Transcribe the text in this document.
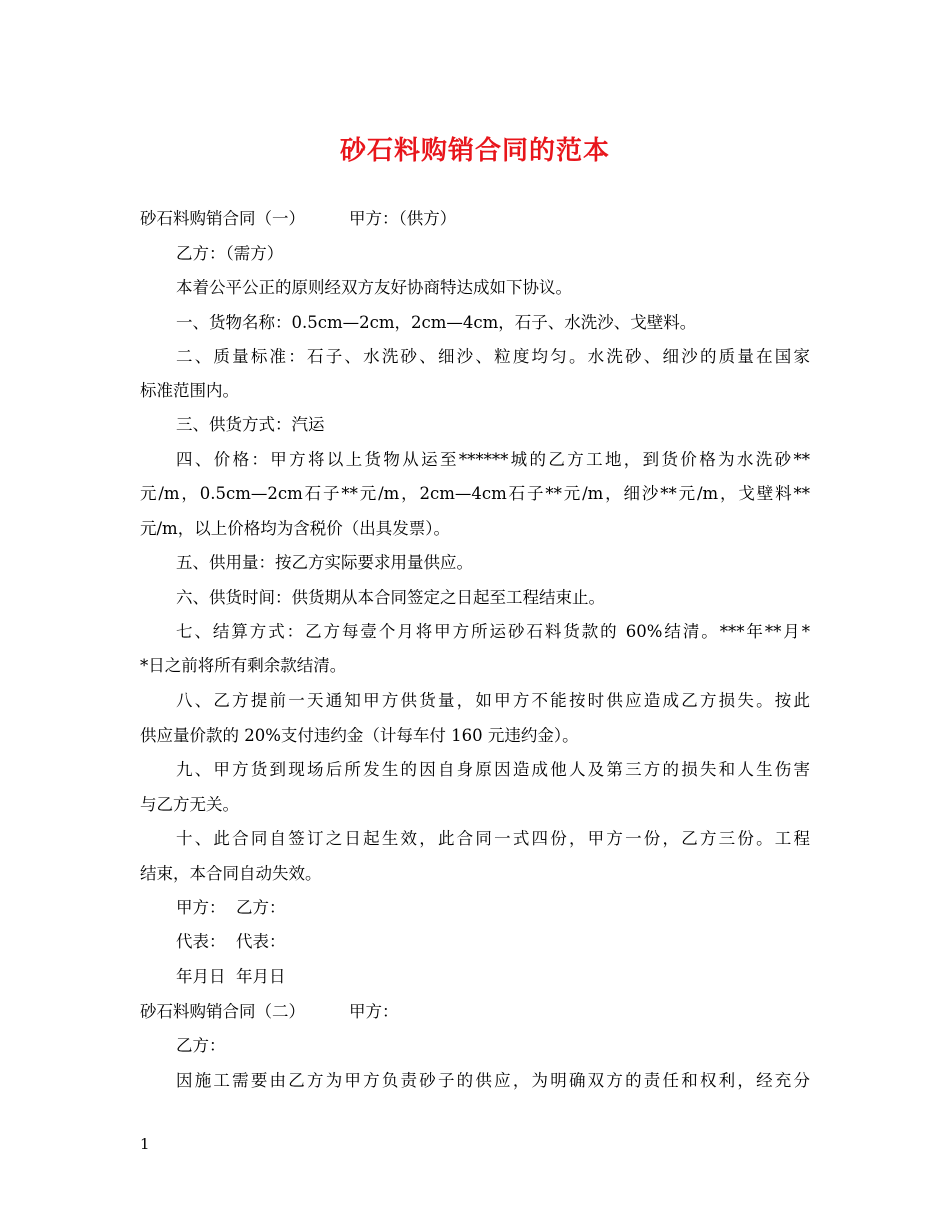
砂石料购销合同的范本
砂石料购销合同（一）	甲方：（供方）
乙方：（需方）
本着公平公正的原则经双方友好协商特达成如下协议。
一、货物名称：0.5cm—2cm，2cm—4cm，石子、水洗沙、戈壁料。
二、质量标准：石子、水洗砂、细沙、粒度均匀。水洗砂、细沙的质量在国家
标准范围内。
三、供货方式：汽运
四、价格：甲方将以上货物从运至******城的乙方工地，到货价格为水洗砂**
元/m，0.5cm—2cm石子**元/m，2cm—4cm石子**元/m，细沙**元/m，戈壁料**
元/m，以上价格均为含税价（出具发票）。
五、供用量：按乙方实际要求用量供应。
六、供货时间：供货期从本合同签定之日起至工程结束止。
七、结算方式：乙方每壹个月将甲方所运砂石料货款的 60%结清。***年**月*
*日之前将所有剩余款结清。
八、乙方提前一天通知甲方供货量，如甲方不能按时供应造成乙方损失。按此
供应量价款的 20%支付违约金（计每车付 160 元违约金）。
九、甲方货到现场后所发生的因自身原因造成他人及第三方的损失和人生伤害
与乙方无关。
十、此合同自签订之日起生效，此合同一式四份，甲方一份，乙方三份。工程
结束，本合同自动失效。
甲方：  乙方：
代表：  代表：
年月日  年月日
砂石料购销合同（二）	甲方：
乙方：
因施工需要由乙方为甲方负责砂子的供应，为明确双方的责任和权利，经充分
1
